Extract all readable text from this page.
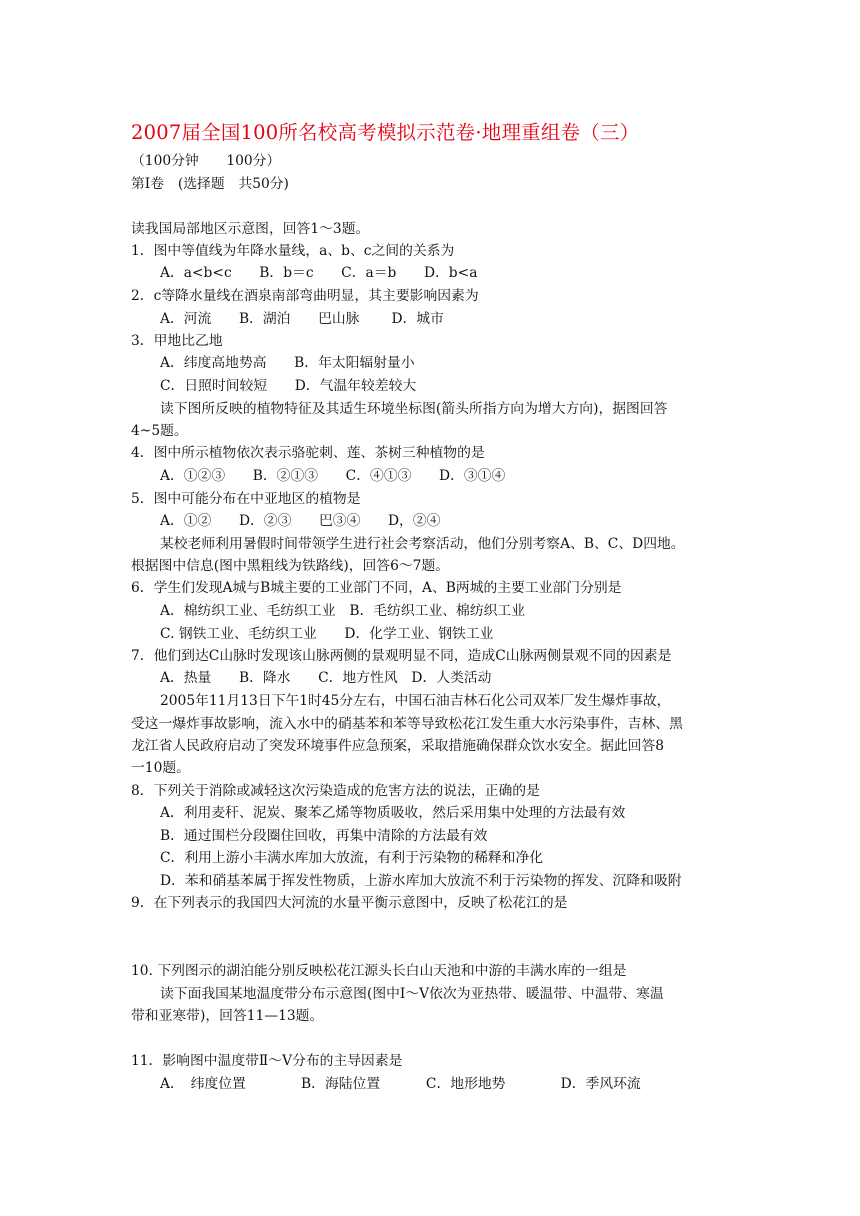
2007届全国100所名校高考模拟示范卷·地理重组卷（三）
（100分钟　　100分）
第Ⅰ卷　(选择题　共50分)
读我国局部地区示意图，回答1～3题。
1．图中等值线为年降水量线，a、b、c之间的关系为
A．a<b<c　　B．b＝c　　C．a＝b　　D．b<a
2．c等降水量线在酒泉南部弯曲明显，其主要影响因素为
A．河流　　B．湖泊　　巴山脉　　 D．城市
3．甲地比乙地
A．纬度高地势高　　B．年太阳辐射量小
C．日照时间较短　　D．气温年较差较大
读下图所反映的植物特征及其适生环境坐标图(箭头所指方向为增大方向)，据图回答
4~5题。
4．图中所示植物依次表示骆驼刺、莲、茶树三种植物的是
A．①②③　　B．②①③　　C．④①③　　D．③①④
5．图中可能分布在中亚地区的植物是
A．①②　　D．②③　　巴③④　　D，②④
某校老师利用暑假时间带领学生进行社会考察活动，他们分别考察A、B、C、D四地。
根据图中信息(图中黑粗线为铁路线)，回答6～7题。
6．学生们发现A城与B城主要的工业部门不同，A、B两城的主要工业部门分别是
A．棉纺织工业、毛纺织工业　B．毛纺织工业、棉纺织工业
C. 钢铁工业、毛纺织工业　　D．化学工业、钢铁工业
7．他们到达C山脉时发现该山脉两侧的景观明显不同，造成C山脉两侧景观不同的因素是
A．热量　　B．降水　　C．地方性风　D．人类活动
2005年11月13日下午1时45分左右，中国石油吉林石化公司双苯厂发生爆炸事故，
受这一爆炸事故影响，流入水中的硝基苯和苯等导致松花江发生重大水污染事件，吉林、黑
龙江省人民政府启动了突发环境事件应急预案，采取措施确保群众饮水安全。据此回答8
一10题。
8．下列关于消除或减轻这次污染造成的危害方法的说法，正确的是
A．利用麦秆、泥炭、聚苯乙烯等物质吸收，然后采用集中处理的方法最有效
B．通过围栏分段圈住回收，再集中清除的方法最有效
C．利用上游小丰满水库加大放流，有利于污染物的稀释和净化
D．苯和硝基苯属于挥发性物质，上游水库加大放流不利于污染物的挥发、沉降和吸附
9．在下列表示的我国四大河流的水量平衡示意图中，反映了松花江的是
10. 下列图示的湖泊能分别反映松花江源头长白山天池和中游的丰满水库的一组是
读下面我国某地温度带分布示意图(图中Ⅰ～Ⅴ依次为亚热带、暖温带、中温带、寒温
带和亚寒带)，回答11—13题。
11．影响图中温度带Ⅱ～Ⅴ分布的主导因素是
A．　纬度位置　　　　B．海陆位置　　　 C．地形地势　　　　D．季风环流
